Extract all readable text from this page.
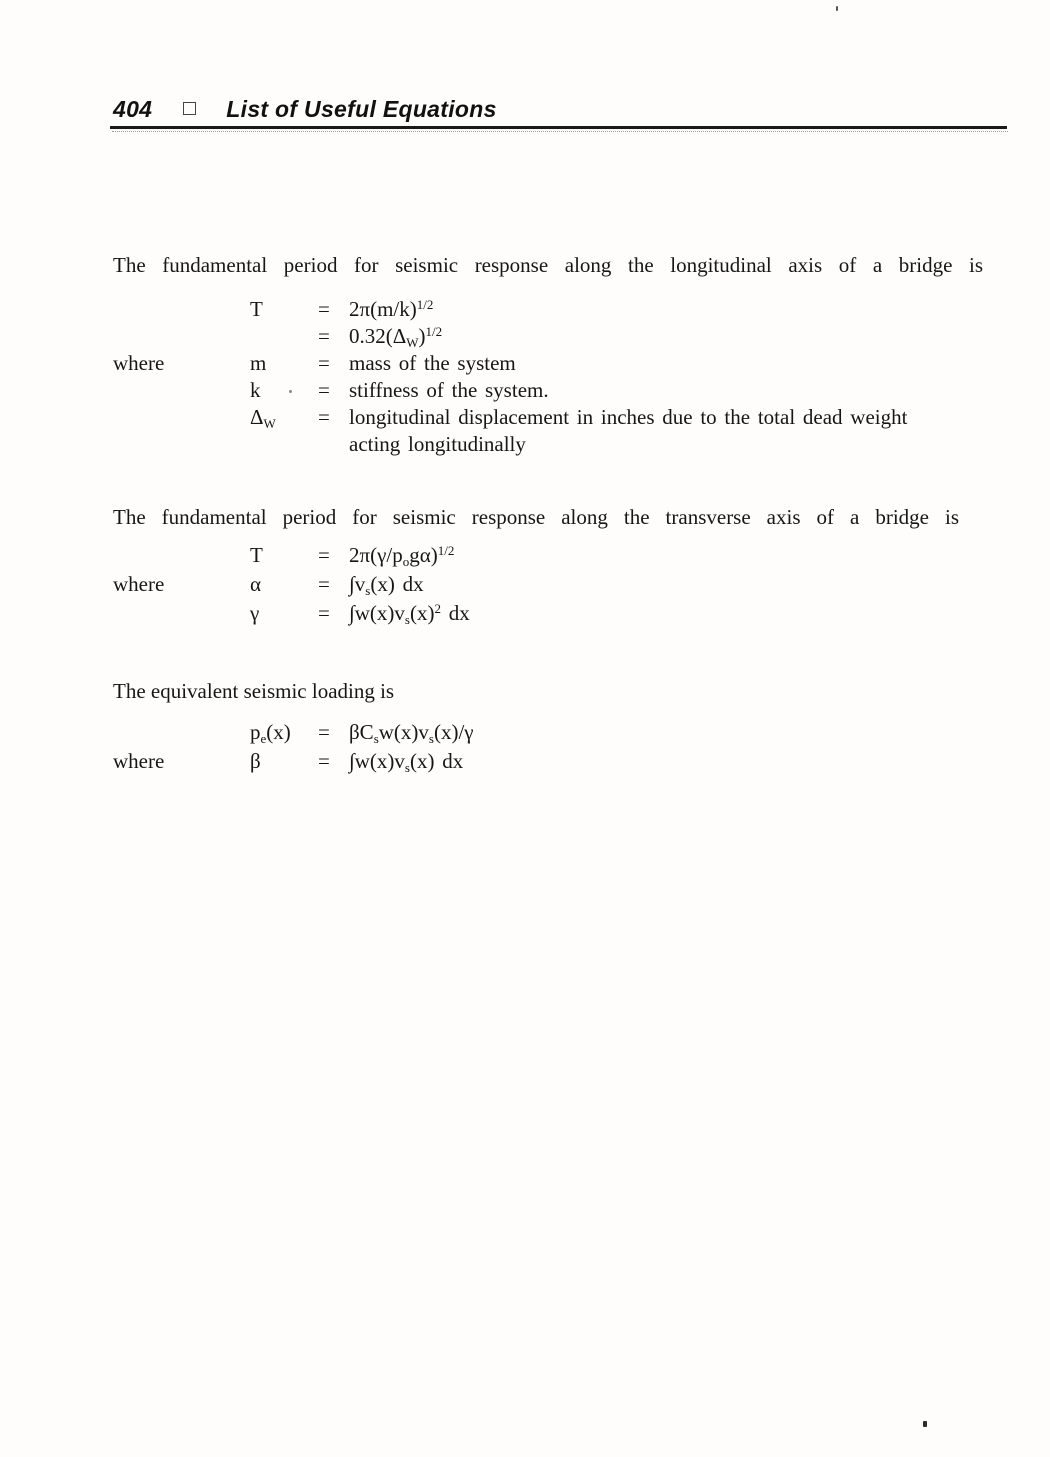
404	List of Useful Equations

The fundamental period for seismic response along the longitudinal axis of a bridge is

T	= $2\pi(m/k)^{1/2}$
= $0.32(\Delta_W)^{1/2}$
where	m	= mass of the system
k	= stiffness of the system.
$\Delta_W$	= longitudinal displacement in inches due to the total dead weight
acting longitudinally

The fundamental period for seismic response along the transverse axis of a bridge is

T	= $2\pi(\gamma/p_og\alpha)^{1/2}$
where	α	= $\int v_s(x)$ dx
γ	= $\int w(x)v_s(x)^2$ dx

The equivalent seismic loading is

$p_e(x)$	= $\beta C_sw(x)v_s(x)/\gamma$
where	β	= $\int w(x)v_s(x)$ dx
